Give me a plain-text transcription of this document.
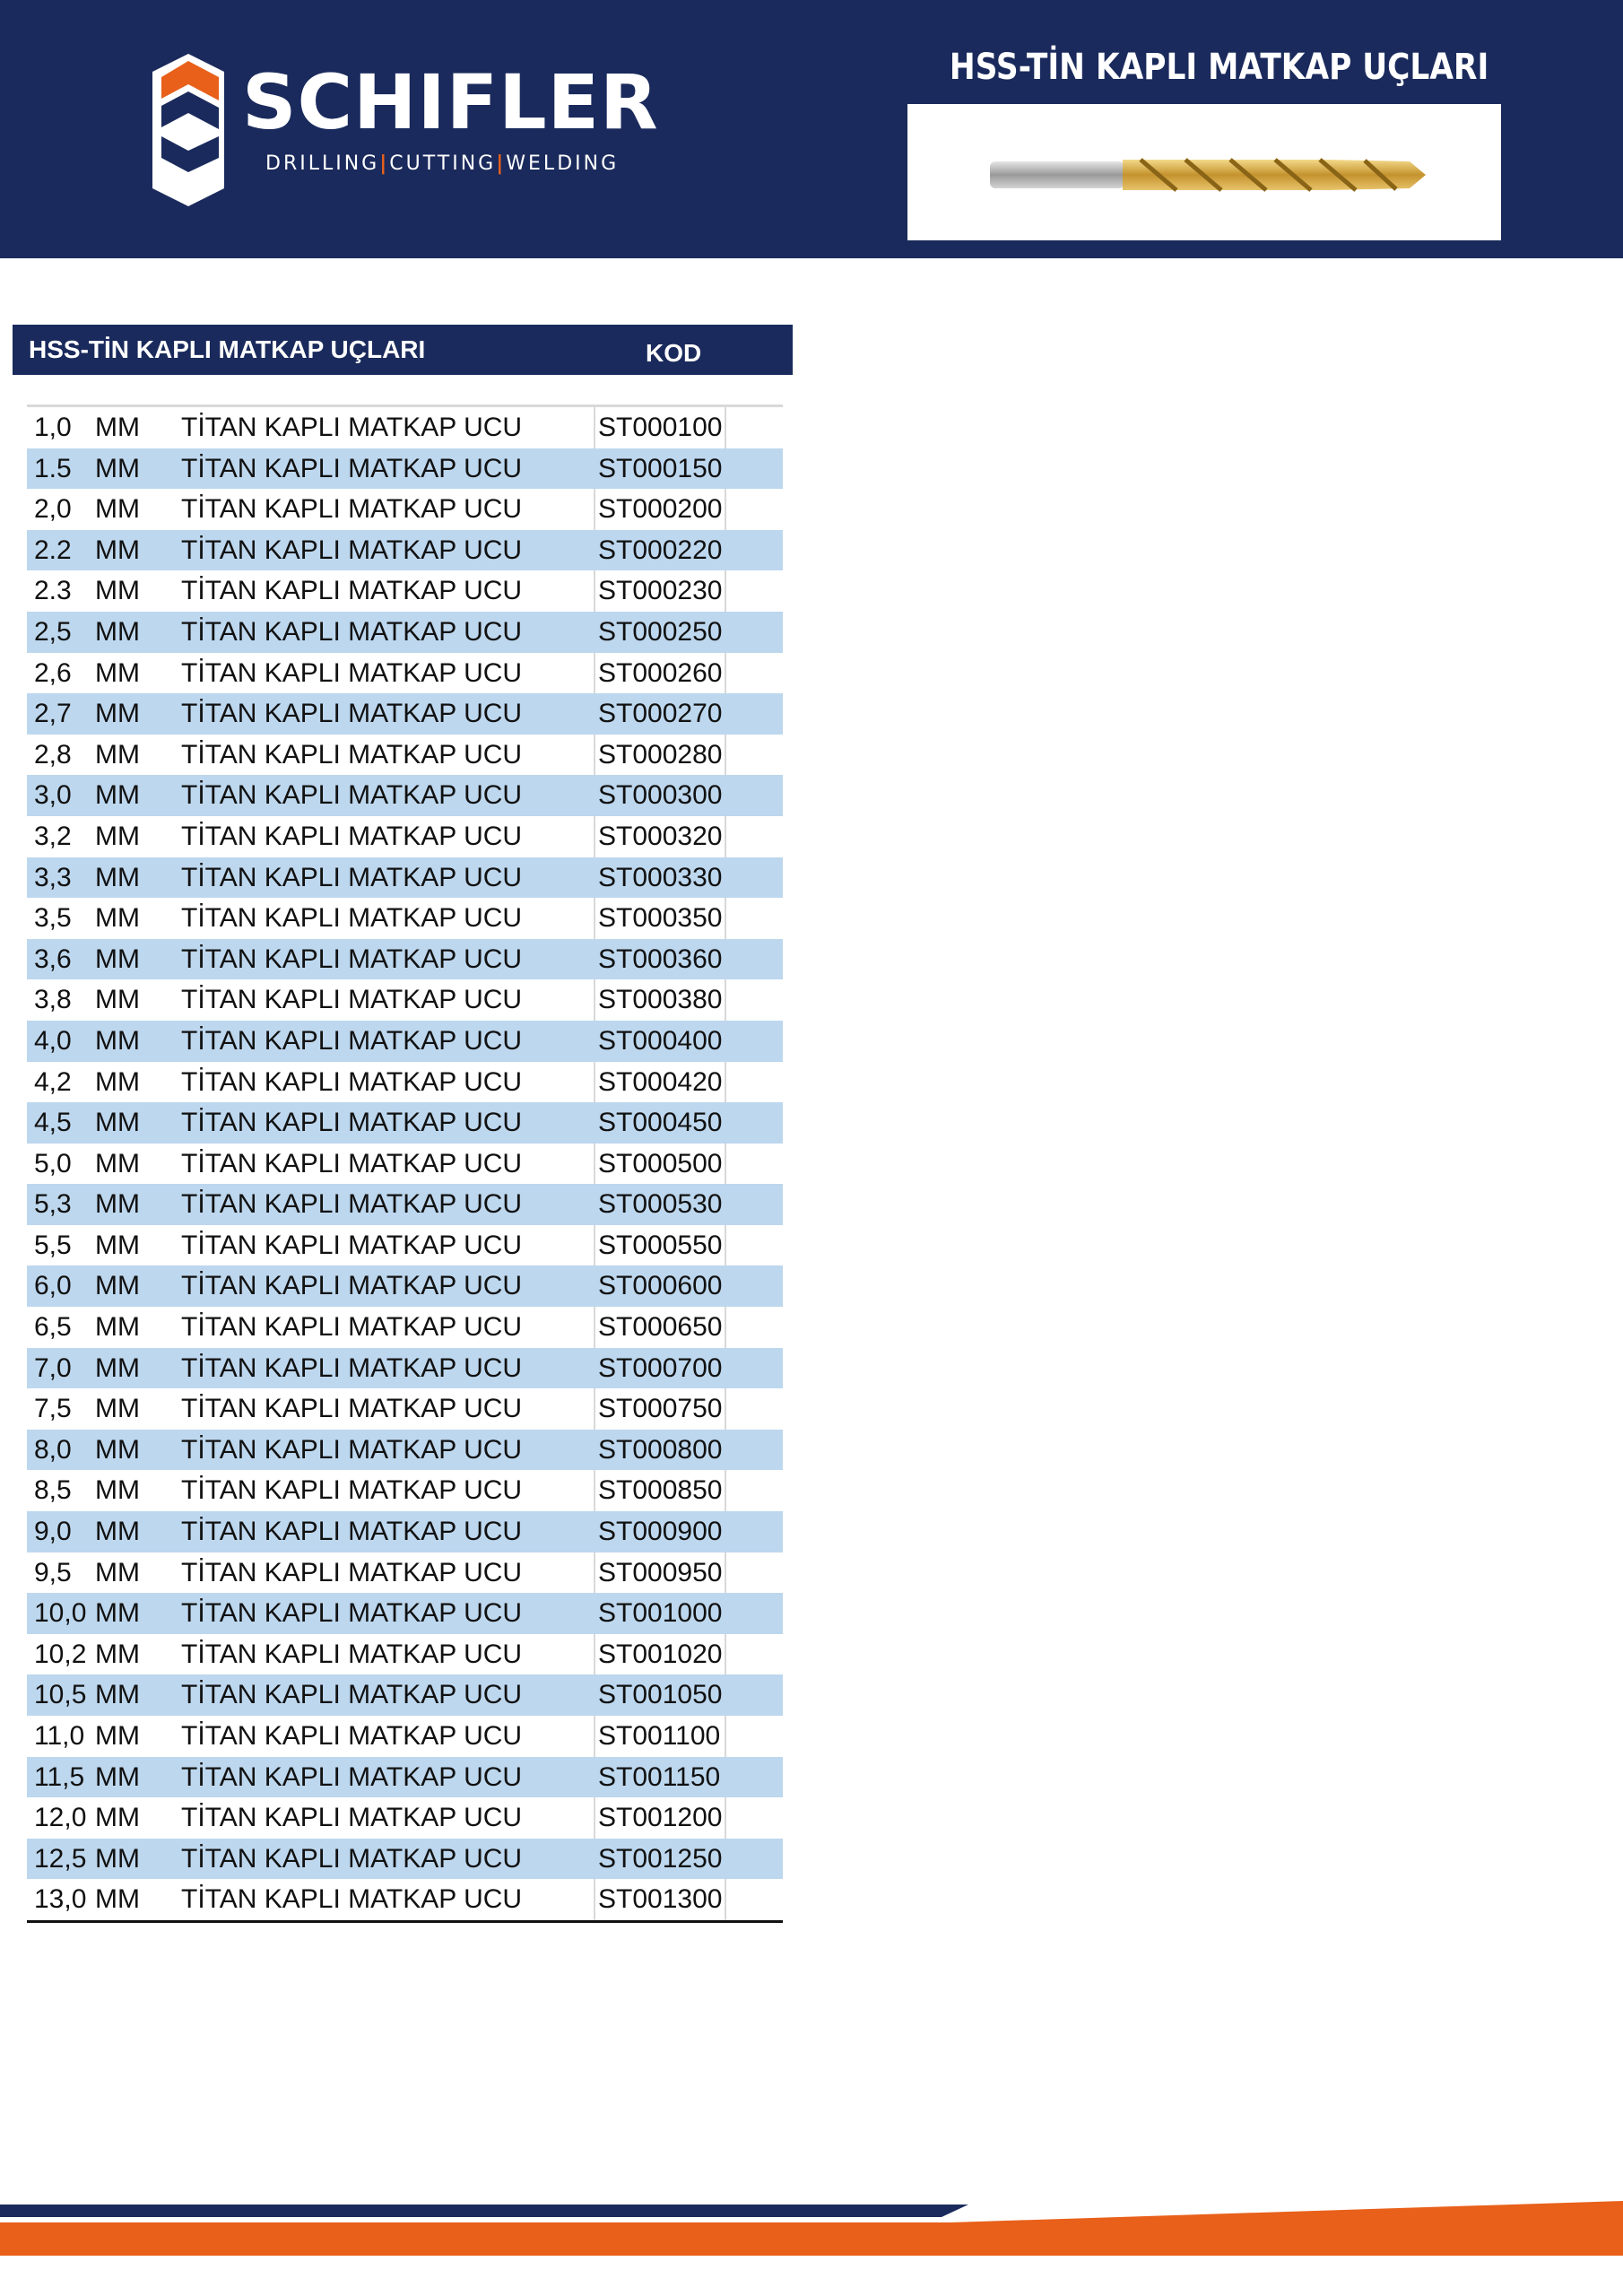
SCHIFLER
DRILLING|CUTTING|WELDING
HSS-TİN KAPLI MATKAP UÇLARI
HSS-TİN KAPLI MATKAP UÇLARI	KOD
1,0 MM TİTAN KAPLI MATKAP UCU	ST000100
1.5 MM TİTAN KAPLI MATKAP UCU	ST000150
2,0 MM TİTAN KAPLI MATKAP UCU	ST000200
2.2 MM TİTAN KAPLI MATKAP UCU	ST000220
2.3 MM TİTAN KAPLI MATKAP UCU	ST000230
2,5 MM TİTAN KAPLI MATKAP UCU	ST000250
2,6 MM TİTAN KAPLI MATKAP UCU	ST000260
2,7 MM TİTAN KAPLI MATKAP UCU	ST000270
2,8 MM TİTAN KAPLI MATKAP UCU	ST000280
3,0 MM TİTAN KAPLI MATKAP UCU	ST000300
3,2 MM TİTAN KAPLI MATKAP UCU	ST000320
3,3 MM TİTAN KAPLI MATKAP UCU	ST000330
3,5 MM TİTAN KAPLI MATKAP UCU	ST000350
3,6 MM TİTAN KAPLI MATKAP UCU	ST000360
3,8 MM TİTAN KAPLI MATKAP UCU	ST000380
4,0 MM TİTAN KAPLI MATKAP UCU	ST000400
4,2 MM TİTAN KAPLI MATKAP UCU	ST000420
4,5 MM TİTAN KAPLI MATKAP UCU	ST000450
5,0 MM TİTAN KAPLI MATKAP UCU	ST000500
5,3 MM TİTAN KAPLI MATKAP UCU	ST000530
5,5 MM TİTAN KAPLI MATKAP UCU	ST000550
6,0 MM TİTAN KAPLI MATKAP UCU	ST000600
6,5 MM TİTAN KAPLI MATKAP UCU	ST000650
7,0 MM TİTAN KAPLI MATKAP UCU	ST000700
7,5 MM TİTAN KAPLI MATKAP UCU	ST000750
8,0 MM TİTAN KAPLI MATKAP UCU	ST000800
8,5 MM TİTAN KAPLI MATKAP UCU	ST000850
9,0 MM TİTAN KAPLI MATKAP UCU	ST000900
9,5 MM TİTAN KAPLI MATKAP UCU	ST000950
10,0 MM TİTAN KAPLI MATKAP UCU	ST001000
10,2 MM TİTAN KAPLI MATKAP UCU	ST001020
10,5 MM TİTAN KAPLI MATKAP UCU	ST001050
11,0 MM TİTAN KAPLI MATKAP UCU	ST001100
11,5 MM TİTAN KAPLI MATKAP UCU	ST001150
12,0 MM TİTAN KAPLI MATKAP UCU	ST001200
12,5 MM TİTAN KAPLI MATKAP UCU	ST001250
13,0 MM TİTAN KAPLI MATKAP UCU	ST001300
